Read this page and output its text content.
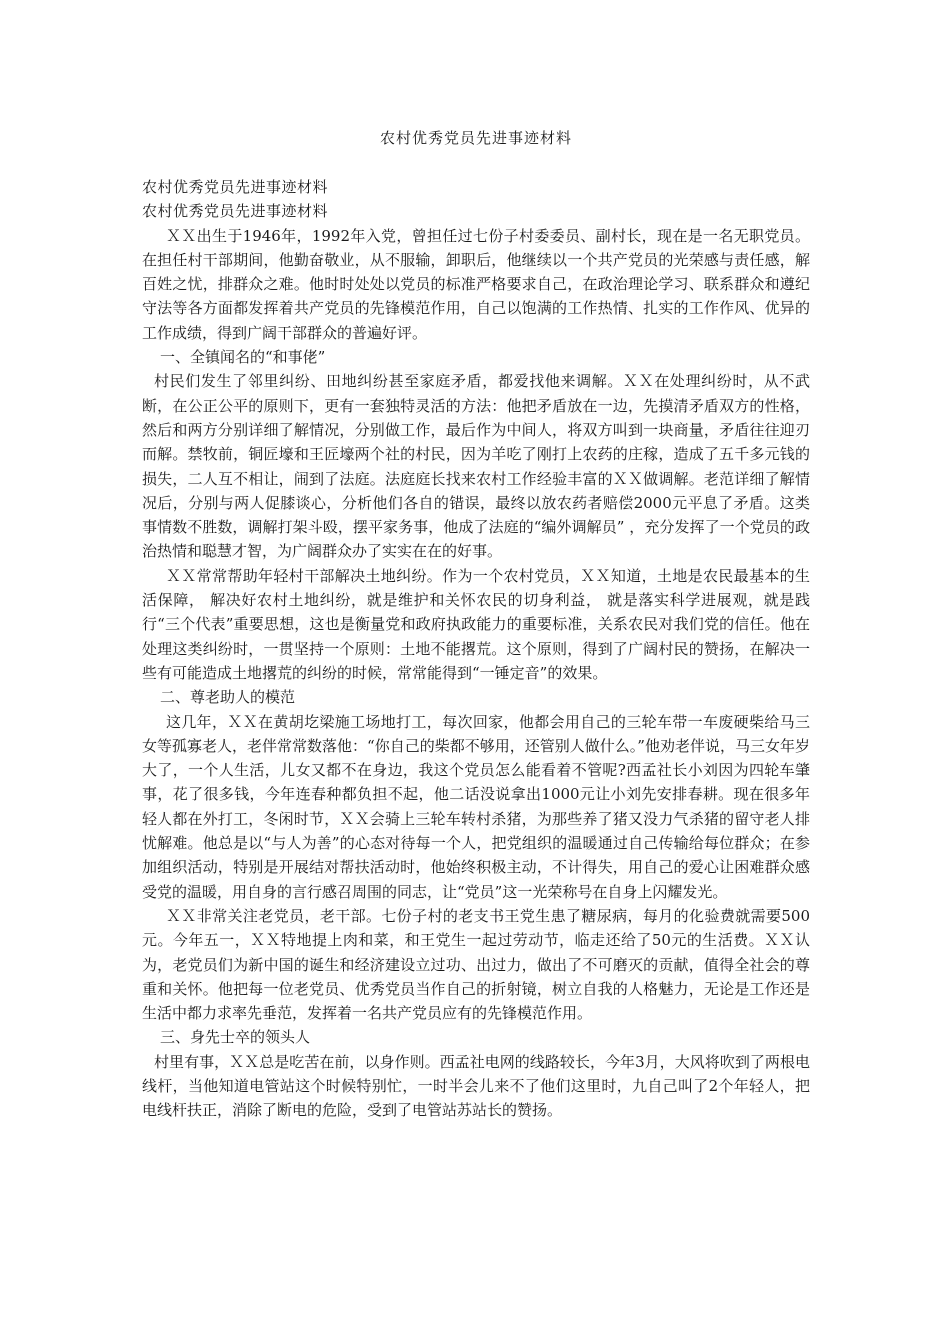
农村优秀党员先进事迹材料

农村优秀党员先进事迹材料

农村优秀党员先进事迹材料

ＸＸ出生于1946年，1992年入党，曾担任过七份子村委委员、副村长，现在是一名无职党员。在担任村干部期间，他勤奋敬业，从不服输，卸职后，他继续以一个共产党员的光荣感与责任感，解百姓之忧，排群众之难。他时时处处以党员的标准严格要求自己，在政治理论学习、联系群众和遵纪守法等各方面都发挥着共产党员的先锋模范作用，自己以饱满的工作热情、扎实的工作作风、优异的工作成绩，得到广阔干部群众的普遍好评。

一、全镇闻名的“和事佬”

村民们发生了邻里纠纷、田地纠纷甚至家庭矛盾，都爱找他来调解。ＸＸ在处理纠纷时，从不武断，在公正公平的原则下，更有一套独特灵活的方法：他把矛盾放在一边，先摸清矛盾双方的性格，然后和两方分别详细了解情况，分别做工作，最后作为中间人，将双方叫到一块商量，矛盾往往迎刃而解。禁牧前，铜匠壕和王匠壕两个社的村民，因为羊吃了刚打上农药的庄稼，造成了五千多元钱的损失，二人互不相让，闹到了法庭。法庭庭长找来农村工作经验丰富的ＸＸ做调解。老范详细了解情况后，分别与两人促膝谈心，分析他们各自的错误，最终以放农药者赔偿2000元平息了矛盾。这类事情数不胜数，调解打架斗殴，摆平家务事，他成了法庭的“编外调解员” ，充分发挥了一个党员的政治热情和聪慧才智，为广阔群众办了实实在在的好事。

ＸＸ常常帮助年轻村干部解决土地纠纷。作为一个农村党员，ＸＸ知道，土地是农民最基本的生活保障， 解决好农村土地纠纷，就是维护和关怀农民的切身利益， 就是落实科学进展观，就是践行“三个代表”重要思想，这也是衡量党和政府执政能力的重要标准，关系农民对我们党的信任。他在处理这类纠纷时，一贯坚持一个原则：土地不能撂荒。这个原则，得到了广阔村民的赞扬，在解决一些有可能造成土地撂荒的纠纷的时候，常常能得到“一锤定音”的效果。

二、尊老助人的模范

这几年，ＸＸ在黄胡圪梁施工场地打工，每次回家，他都会用自己的三轮车带一车废硬柴给马三女等孤寡老人，老伴常常数落他：“你自己的柴都不够用，还管别人做什么。”他劝老伴说，马三女年岁大了，一个人生活，儿女又都不在身边，我这个党员怎么能看着不管呢?西孟社长小刘因为四轮车肇事，花了很多钱，今年连春种都负担不起，他二话没说拿出1000元让小刘先安排春耕。现在很多年轻人都在外打工，冬闲时节，ＸＸ会骑上三轮车转村杀猪，为那些养了猪又没力气杀猪的留守老人排忧解难。他总是以“与人为善”的心态对待每一个人，把党组织的温暖通过自己传输给每位群众；在参加组织活动，特别是开展结对帮扶活动时，他始终积极主动，不计得失，用自己的爱心让困难群众感受党的温暖，用自身的言行感召周围的同志，让“党员”这一光荣称号在自身上闪耀发光。

ＸＸ非常关注老党员，老干部。七份子村的老支书王党生患了糖尿病，每月的化验费就需要500元。今年五一，ＸＸ特地提上肉和菜，和王党生一起过劳动节，临走还给了50元的生活费。ＸＸ认为，老党员们为新中国的诞生和经济建设立过功、出过力，做出了不可磨灭的贡献，值得全社会的尊重和关怀。他把每一位老党员、优秀党员当作自己的折射镜，树立自我的人格魅力，无论是工作还是生活中都力求率先垂范，发挥着一名共产党员应有的先锋模范作用。

三、身先士卒的领头人

村里有事，ＸＸ总是吃苦在前，以身作则。西孟社电网的线路较长，今年3月，大风将吹到了两根电线杆，当他知道电管站这个时候特别忙，一时半会儿来不了他们这里时，九自己叫了2个年轻人，把电线杆扶正，消除了断电的危险，受到了电管站苏站长的赞扬。
